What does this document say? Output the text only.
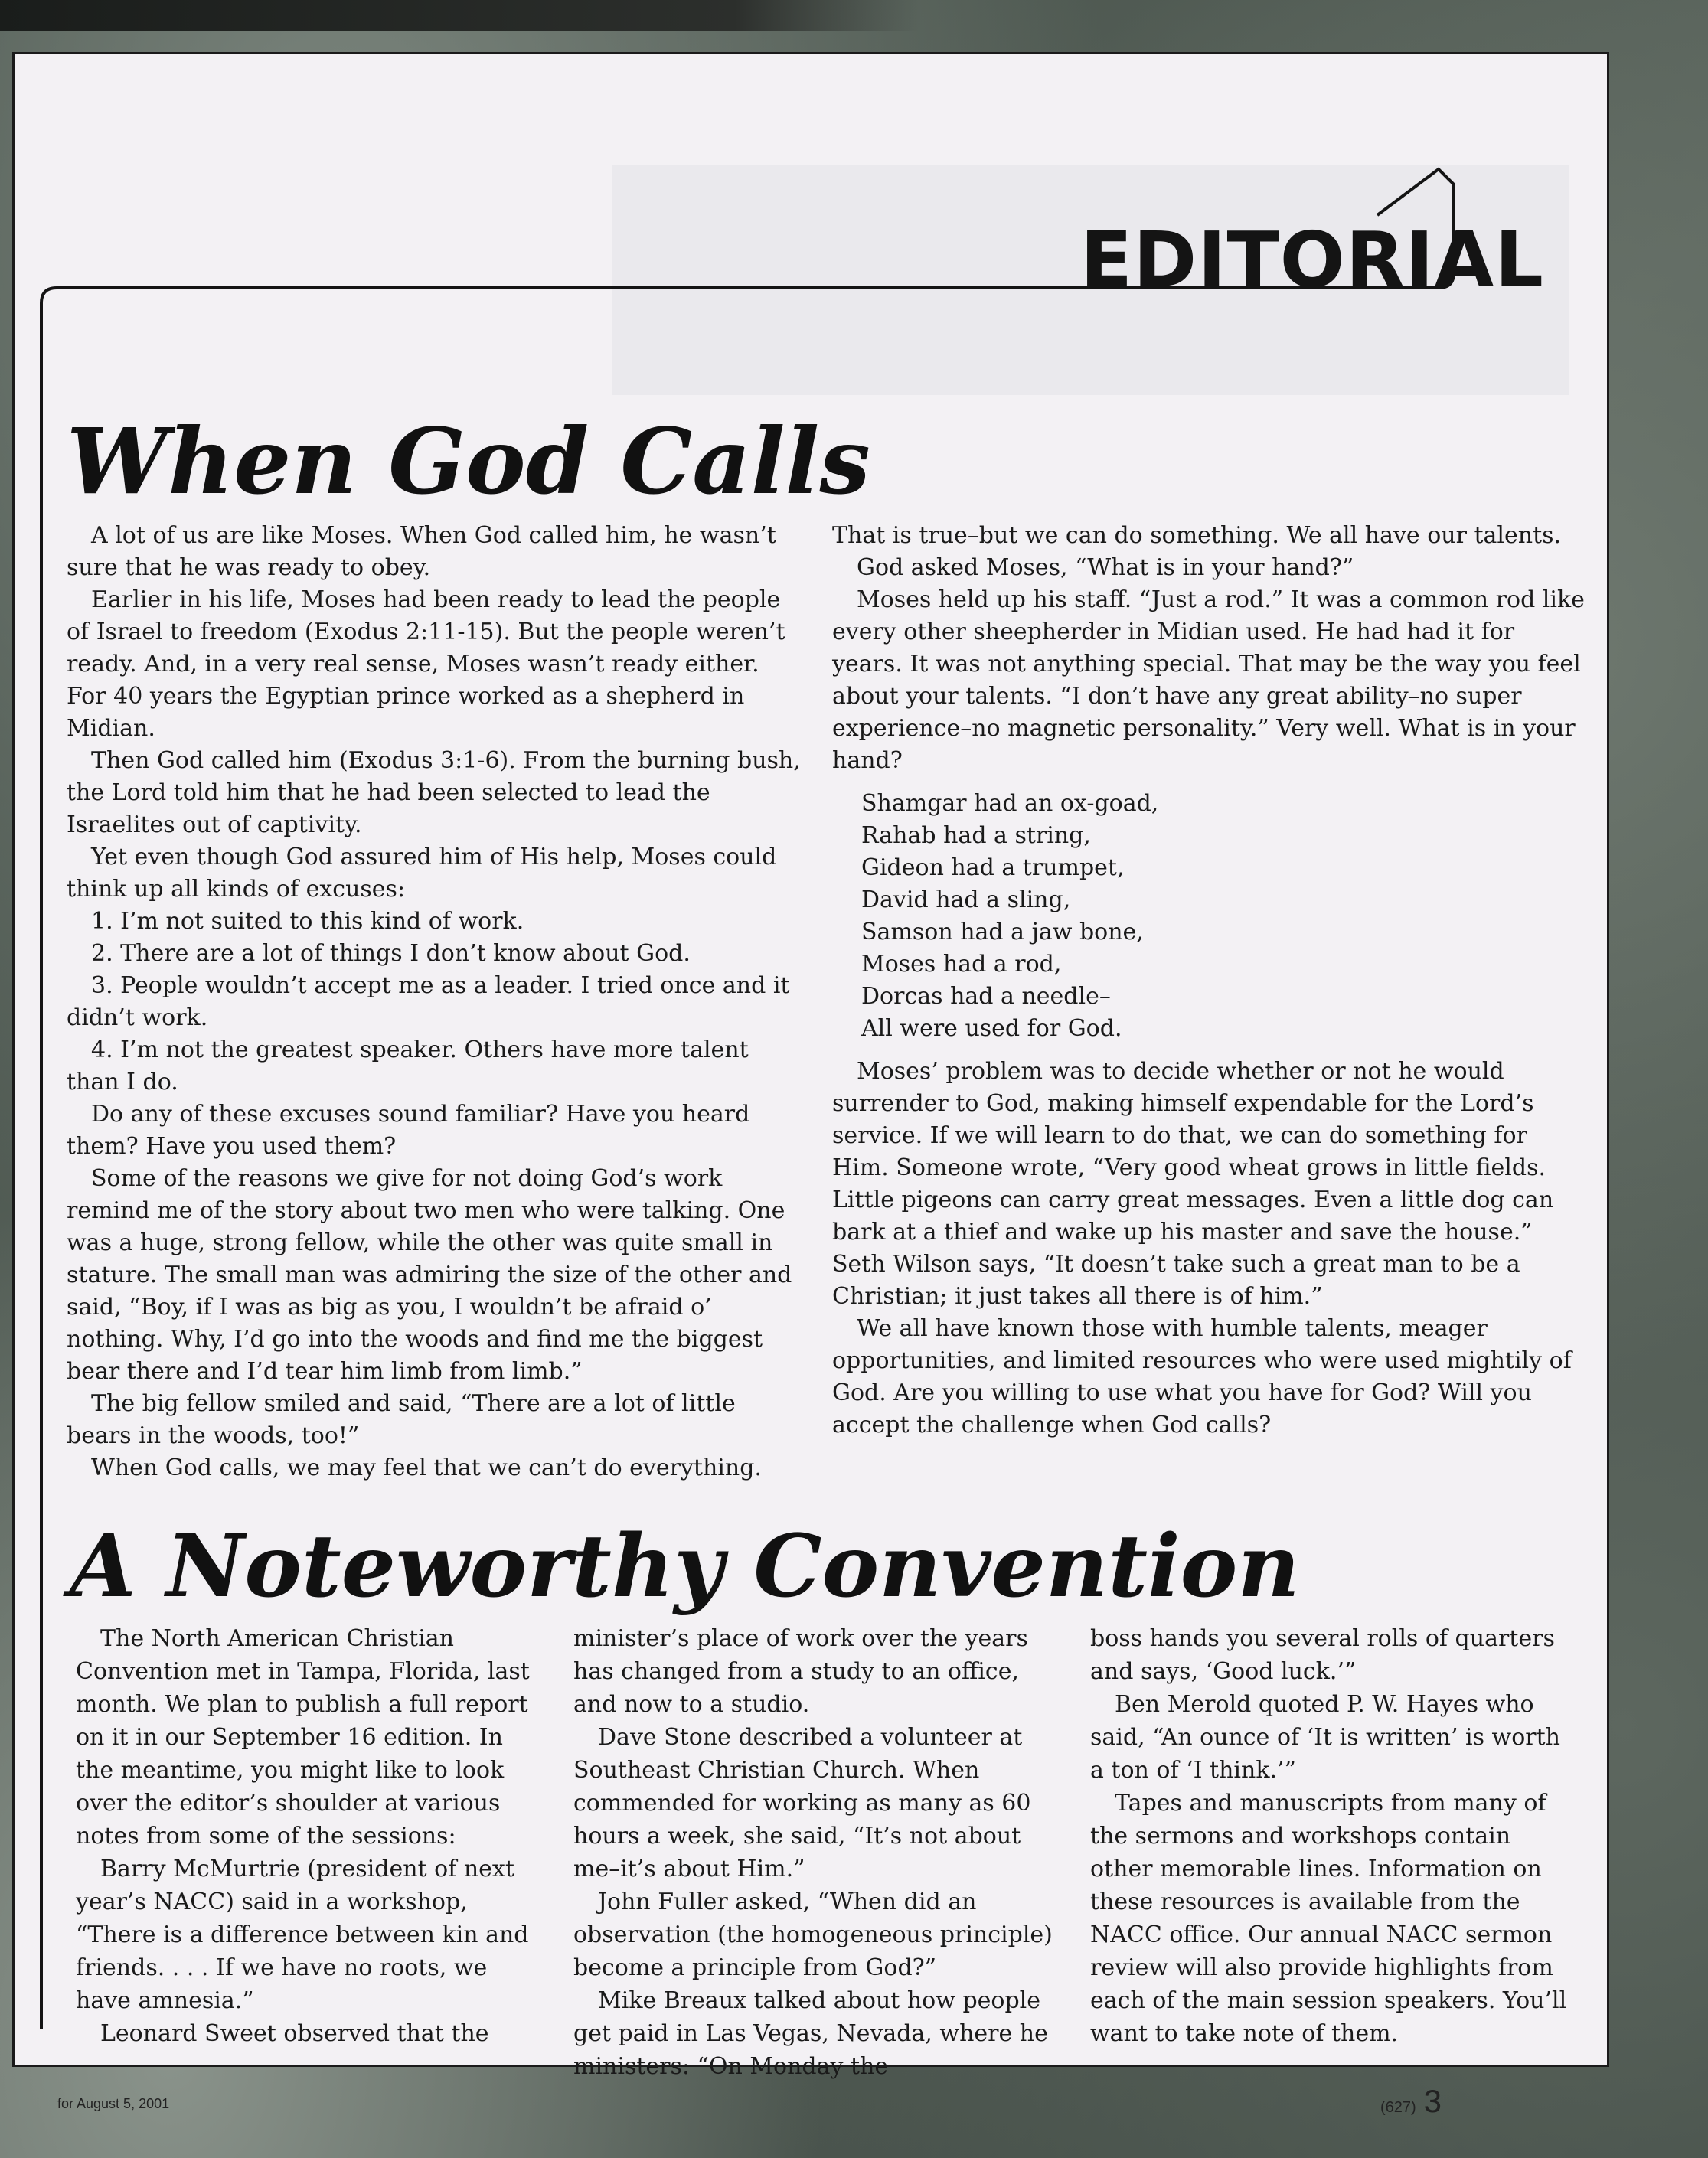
EDITORIAL
When God Calls

A lot of us are like Moses. When God called him, he wasn’t sure that he was ready to obey.

Earlier in his life, Moses had been ready to lead the people of Israel to freedom (Exodus 2:11-15). But the people weren’t ready. And, in a very real sense, Moses wasn’t ready either. For 40 years the Egyptian prince worked as a shepherd in Midian.

Then God called him (Exodus 3:1-6). From the burning bush, the Lord told him that he had been selected to lead the Israelites out of captivity.

Yet even though God assured him of His help, Moses could think up all kinds of excuses:

1. I’m not suited to this kind of work.

2. There are a lot of things I don’t know about God.

3. People wouldn’t accept me as a leader. I tried once and it didn’t work.

4. I’m not the greatest speaker. Others have more talent than I do.

Do any of these excuses sound familiar? Have you heard them? Have you used them?

Some of the reasons we give for not doing God’s work remind me of the story about two men who were talking. One was a huge, strong fellow, while the other was quite small in stature. The small man was admiring the size of the other and said, “Boy, if I was as big as you, I wouldn’t be afraid o’ nothing. Why, I’d go into the woods and find me the biggest bear there and I’d tear him limb from limb.”

The big fellow smiled and said, “There are a lot of little bears in the woods, too!”

When God calls, we may feel that we can’t do everything.

That is true–but we can do something. We all have our talents.

God asked Moses, “What is in your hand?”

Moses held up his staff. “Just a rod.” It was a common rod like every other sheepherder in Midian used. He had had it for years. It was not anything special. That may be the way you feel about your talents. “I don’t have any great ability–no super experience–no magnetic personality.” Very well. What is in your hand?

Shamgar had an ox-goad,
Rahab had a string,
Gideon had a trumpet,
David had a sling,
Samson had a jaw bone,
Moses had a rod,
Dorcas had a needle–
All were used for God.

Moses’ problem was to decide whether or not he would surrender to God, making himself expendable for the Lord’s service. If we will learn to do that, we can do something for Him. Someone wrote, “Very good wheat grows in little fields. Little pigeons can carry great messages. Even a little dog can bark at a thief and wake up his master and save the house.” Seth Wilson says, “It doesn’t take such a great man to be a Christian; it just takes all there is of him.”

We all have known those with humble talents, meager opportunities, and limited resources who were used mightily of God. Are you willing to use what you have for God? Will you accept the challenge when God calls?

A Noteworthy Convention

The North American Christian Convention met in Tampa, Florida, last month. We plan to publish a full report on it in our September 16 edition. In the meantime, you might like to look over the editor’s shoulder at various notes from some of the sessions:

Barry McMurtrie (president of next year’s NACC) said in a workshop, “There is a difference between kin and friends. . . . If we have no roots, we have amnesia.”

Leonard Sweet observed that the

minister’s place of work over the years has changed from a study to an office, and now to a studio.

Dave Stone described a volunteer at Southeast Christian Church. When commended for working as many as 60 hours a week, she said, “It’s not about me–it’s about Him.”

John Fuller asked, “When did an observation (the homogeneous principle) become a principle from God?”

Mike Breaux talked about how people get paid in Las Vegas, Nevada, where he ministers: “On Monday the

boss hands you several rolls of quarters and says, ‘Good luck.’”

Ben Merold quoted P. W. Hayes who said, “An ounce of ‘It is written’ is worth a ton of ‘I think.’”

Tapes and manuscripts from many of the sermons and workshops contain other memorable lines. Information on these resources is available from the NACC office. Our annual NACC sermon review will also provide highlights from each of the main session speakers. You’ll want to take note of them.

for August 5, 2001	(627) 3
